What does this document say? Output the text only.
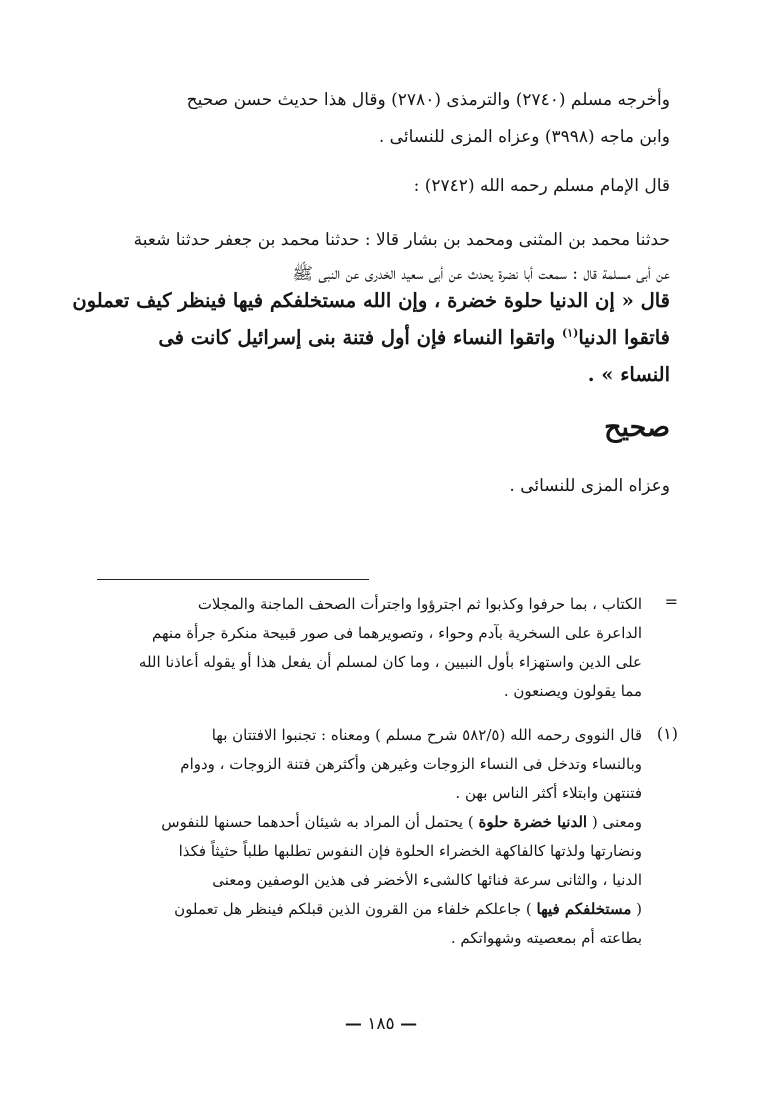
وأخرجه مسلم (٢٧٤٠) والترمذى (٢٧٨٠) وقال هذا حديث حسن صحيح
وابن ماجه (٣٩٩٨) وعزاه المزى للنسائى .
قال الإمام مسلم رحمه الله (٢٧٤٢) :
حدثنا محمد بن المثنى ومحمد بن بشار قالا : حدثنا محمد بن جعفر حدثنا شعبة
عن أبى مسلمة قال : سمعت أبا نضرة يحدث عن أبى سعيد الخدرى عن النبى ﷺ
قال « إن الدنيا حلوة خضرة ، وإن الله مستخلفكم فيها فينظر كيف تعملون
فاتقوا الدنيا$^{(١)}$ واتقوا النساء فإن أول فتنة بنى إسرائيل كانت فى
النساء » .
صحيح
وعزاه المزى للنسائى .
=
الكتاب ، بما حرفوا وكذبوا ثم اجترؤوا واجترأت الصحف الماجنة والمجلات
الداعرة على السخرية بآدم وحواء ، وتصويرهما فى صور قبيحة منكرة جرأة منهم
على الدين واستهزاء بأول النبيين ، وما كان لمسلم أن يفعل هذا أو يقوله أعاذنا الله
مما يقولون ويصنعون .
(١)
قال النووى رحمه الله (٥٨٢/٥ شرح مسلم ) ومعناه : تجنبوا الافتتان بها
وبالنساء وتدخل فى النساء الزوجات وغيرهن وأكثرهن فتنة الزوجات ، ودوام
فتنتهن وابتلاء أكثر الناس بهن .
ومعنى ( الدنيا خضرة حلوة ) يحتمل أن المراد به شيئان أحدهما حسنها للنفوس
ونضارتها ولذتها كالفاكهة الخضراء الحلوة فإن النفوس تطلبها طلباً حثيثاً فكذا
الدنيا ، والثانى سرعة فنائها كالشىء الأخضر فى هذين الوصفين ومعنى
( مستخلفكم فيها ) جاعلكم خلفاء من القرون الذين قبلكم فينظر هل تعملون
بطاعته أم بمعصيته وشهواتكم .
— ١٨٥ —
